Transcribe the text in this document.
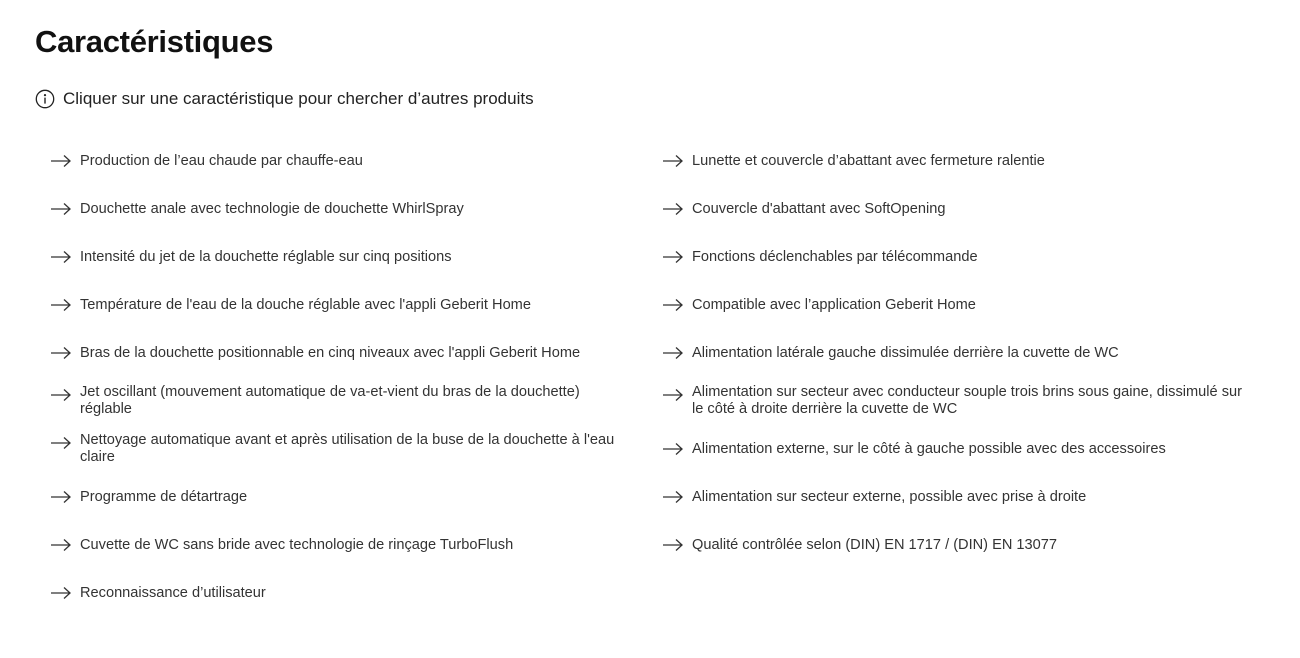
Caractéristiques
Cliquer sur une caractéristique pour chercher d’autres produits
Production de l’eau chaude par chauffe-eau
Douchette anale avec technologie de douchette WhirlSpray
Intensité du jet de la douchette réglable sur cinq positions
Température de l'eau de la douche réglable avec l'appli Geberit Home
Bras de la douchette positionnable en cinq niveaux avec l'appli Geberit Home
Jet oscillant (mouvement automatique de va-et-vient du bras de la douchette) réglable
Nettoyage automatique avant et après utilisation de la buse de la douchette à l'eau claire
Programme de détartrage
Cuvette de WC sans bride avec technologie de rinçage TurboFlush
Reconnaissance d’utilisateur
Lunette et couvercle d’abattant avec fermeture ralentie
Couvercle d'abattant avec SoftOpening
Fonctions déclenchables par télécommande
Compatible avec l’application Geberit Home
Alimentation latérale gauche dissimulée derrière la cuvette de WC
Alimentation sur secteur avec conducteur souple trois brins sous gaine, dissimulé sur le côté à droite derrière la cuvette de WC
Alimentation externe, sur le côté à gauche possible avec des accessoires
Alimentation sur secteur externe, possible avec prise à droite
Qualité contrôlée selon (DIN) EN 1717 / (DIN) EN 13077
